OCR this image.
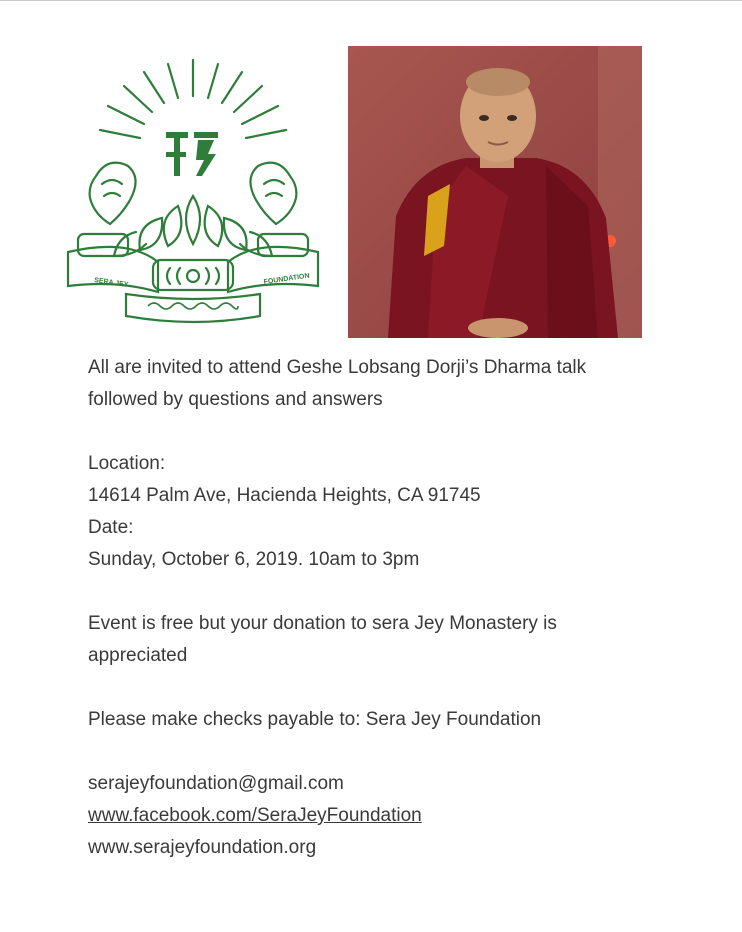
SERA JEY	FOUNDATION

All are invited to attend Geshe Lobsang Dorji’s Dharma talk

followed by questions and answers

Location:

14614 Palm Ave, Hacienda Heights, CA 91745

Date:

Sunday, October 6, 2019. 10am to 3pm

Event is free but your donation to sera Jey Monastery is

appreciated

Please make checks payable to: Sera Jey Foundation

serajeyfoundation@gmail.com

www.facebook.com/SeraJeyFoundation

www.serajeyfoundation.org
